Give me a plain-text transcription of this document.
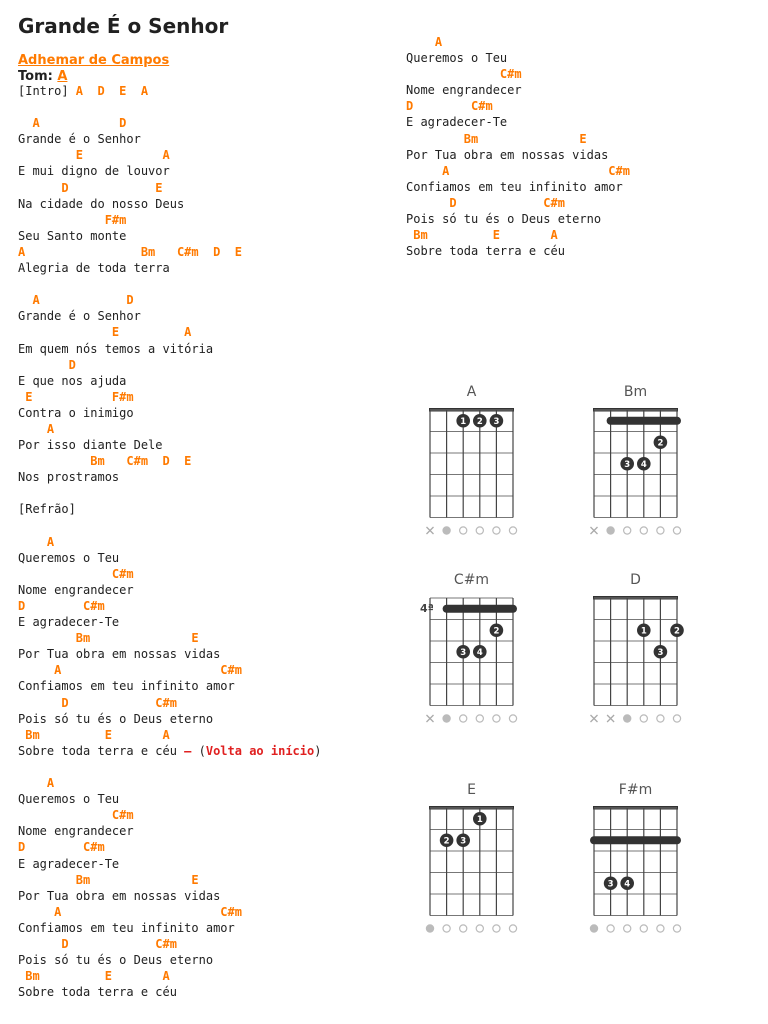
Grande É o Senhor
Adhemar de Campos
Tom: A
[Intro] A  D  E  A
A           D
Grande é o Senhor
E           A
E mui digno de louvor
D            E
Na cidade do nosso Deus
F#m
Seu Santo monte
A                Bm   C#m  D  E
Alegria de toda terra
A            D
Grande é o Senhor
E         A
Em quem nós temos a vitória
D
E que nos ajuda
E           F#m
Contra o inimigo
A
Por isso diante Dele
Bm   C#m  D  E
Nos prostramos
[Refrão]
A
Queremos o Teu
C#m
Nome engrandecer
D        C#m
E agradecer-Te
Bm              E
Por Tua obra em nossas vidas
A                      C#m
Confiamos em teu infinito amor
D            C#m
Pois só tu és o Deus eterno
Bm         E       A
Sobre toda terra e céu – (Volta ao início)
A
Queremos o Teu
C#m
Nome engrandecer
D        C#m
E agradecer-Te
Bm              E
Por Tua obra em nossas vidas
A                      C#m
Confiamos em teu infinito amor
D            C#m
Pois só tu és o Deus eterno
Bm         E       A
Sobre toda terra e céu
A
Queremos o Teu
C#m
Nome engrandecer
D        C#m
E agradecer-Te
Bm              E
Por Tua obra em nossas vidas
A                      C#m
Confiamos em teu infinito amor
D            C#m
Pois só tu és o Deus eterno
Bm         E       A
Sobre toda terra e céu
A
1 2 3
Bm
2
3 4
C#m
4ª
2
3 4
D
1	2
3
E
1
2 3
F#m
3 4
